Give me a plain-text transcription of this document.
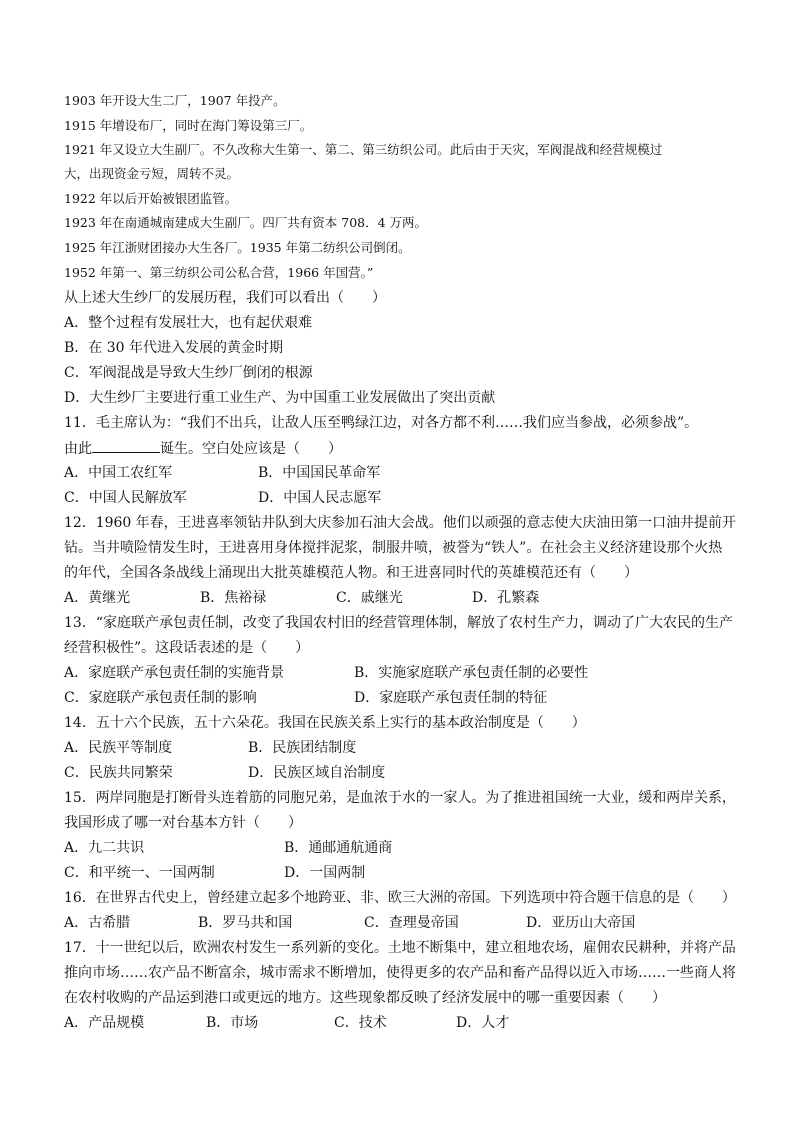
1903 年开设大生二厂，1907 年投产。
1915 年增设布厂，同时在海门筹设第三厂。
1921 年又设立大生副厂。不久改称大生第一、第二、第三纺织公司。此后由于天灾，军阀混战和经营规模过
大，出现资金亏短，周转不灵。
1922 年以后开始被银团监管。
1923 年在南通城南建成大生副厂。四厂共有资本 708．4 万两。
1925 年江浙财团接办大生各厂。1935 年第二纺织公司倒闭。
1952 年第一、第三纺织公司公私合营，1966 年国营。”
从上述大生纱厂的发展历程，我们可以看出（　　）
A．整个过程有发展壮大，也有起伏艰难
B．在 30 年代进入发展的黄金时期
C．军阀混战是导致大生纱厂倒闭的根源
D．大生纱厂主要进行重工业生产、为中国重工业发展做出了突出贡献
11．毛主席认为：“我们不出兵，让敌人压至鸭绿江边，对各方都不利……我们应当参战，必须参战”。
由此	诞生。空白处应该是（　　）
A．中国工农红军	B．中国国民革命军
C．中国人民解放军	D．中国人民志愿军
12．1960 年春，王进喜率领钻井队到大庆参加石油大会战。他们以顽强的意志使大庆油田第一口油井提前开
钻。当井喷险情发生时，王进喜用身体搅拌泥浆，制服井喷，被誉为“铁人”。在社会主义经济建设那个火热
的年代，全国各条战线上涌现出大批英雄模范人物。和王进喜同时代的英雄模范还有（　　）
A．黄继光	B．焦裕禄	C．戚继光	D．孔繁森
13．“家庭联产承包责任制，改变了我国农村旧的经营管理体制，解放了农村生产力，调动了广大农民的生产
经营积极性”。这段话表述的是（　　）
A．家庭联产承包责任制的实施背景	B．实施家庭联产承包责任制的必要性
C．家庭联产承包责任制的影响	D．家庭联产承包责任制的特征
14．五十六个民族，五十六朵花。我国在民族关系上实行的基本政治制度是（　　）
A．民族平等制度	B．民族团结制度
C．民族共同繁荣	D．民族区域自治制度
15．两岸同胞是打断骨头连着筋的同胞兄弟，是血浓于水的一家人。为了推进祖国统一大业，缓和两岸关系，
我国形成了哪一对台基本方针（　　）
A．九二共识	B．通邮通航通商
C．和平统一、一国两制	D．一国两制
16．在世界古代史上，曾经建立起多个地跨亚、非、欧三大洲的帝国。下列选项中符合题干信息的是（　　）
A．古希腊	B．罗马共和国	C．查理曼帝国	D．亚历山大帝国
17．十一世纪以后，欧洲农村发生一系列新的变化。土地不断集中，建立租地农场，雇佣农民耕种，并将产品
推向市场……农产品不断富余，城市需求不断增加，使得更多的农产品和畜产品得以近入市场……一些商人将
在农村收购的产品运到港口或更远的地方。这些现象都反映了经济发展中的哪一重要因素（　　）
A．产品规模	B．市场	C．技术	D．人才
